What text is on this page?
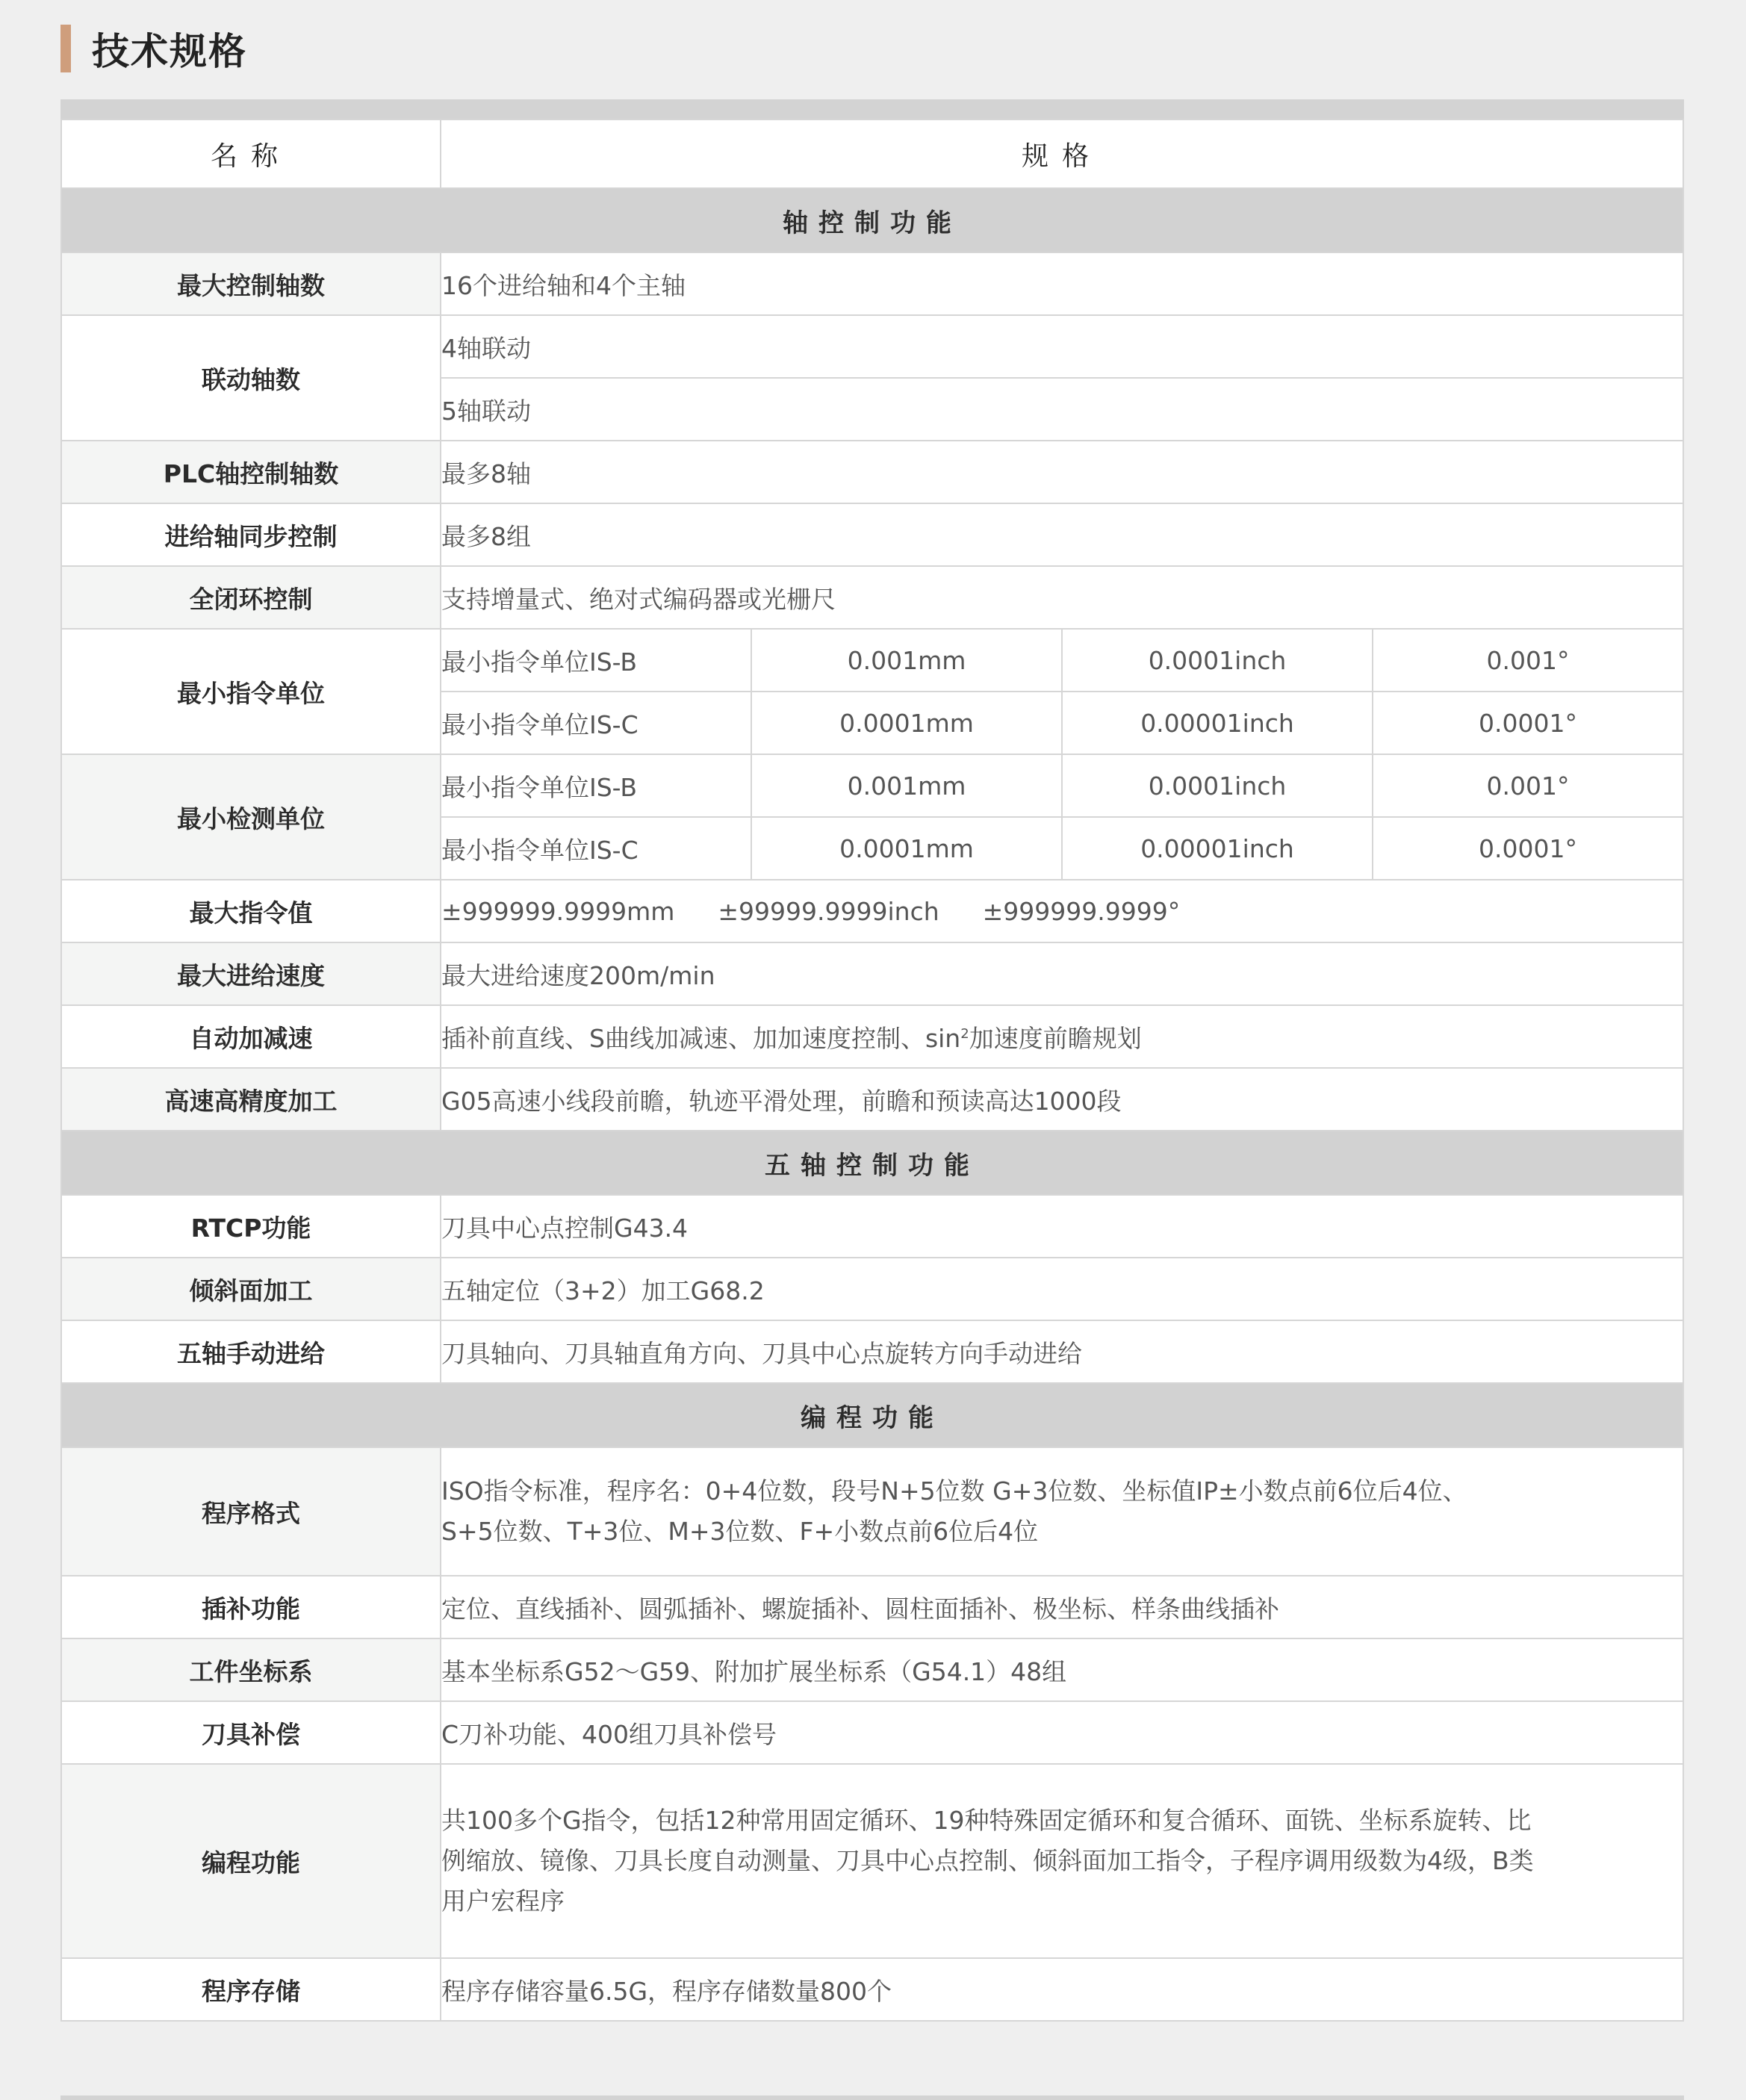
技术规格
名称	规格			
轴控制功能				
最大控制轴数	16个进给轴和4个主轴			
联动轴数	4轴联动			
	5轴联动			
PLC轴控制轴数	最多8轴			
进给轴同步控制	最多8组			
全闭环控制	支持增量式、绝对式编码器或光栅尺			
最小指令单位	最小指令单位IS-B	0.001mm	0.0001inch	0.001°
	最小指令单位IS-C	0.0001mm	0.00001inch	0.0001°
最小检测单位	最小指令单位IS-B	0.001mm	0.0001inch	0.001°
	最小指令单位IS-C	0.0001mm	0.00001inch	0.0001°
最大指令值	±999999.9999mm ±99999.9999inch ±999999.9999°			
最大进给速度	最大进给速度200m/min			
自动加减速	插补前直线、S曲线加减速、加加速度控制、$\sin^2$加速度前瞻规划			
高速高精度加工	G05高速小线段前瞻，轨迹平滑处理，前瞻和预读高达1000段			
五轴控制功能				
RTCP功能	刀具中心点控制G43.4			
倾斜面加工	五轴定位（3+2）加工G68.2			
五轴手动进给	刀具轴向、刀具轴直角方向、刀具中心点旋转方向手动进给			
编程功能				
程序格式	ISO指令标准，程序名：0+4位数，段号N+5位数 G+3位数、坐标值IP±小数点前6位后4位、
S+5位数、T+3位、M+3位数、F+小数点前6位后4位			

插补功能	定位、直线插补、圆弧插补、螺旋插补、圆柱面插补、极坐标、样条曲线插补			
工件坐标系	基本坐标系G52～G59、附加扩展坐标系（G54.1）48组			
刀具补偿	C刀补功能、400组刀具补偿号			
编程功能	共100多个G指令，包括12种常用固定循环、19种特殊固定循环和复合循环、面铣、坐标系旋转、比
例缩放、镜像、刀具长度自动测量、刀具中心点控制、倾斜面加工指令，子程序调用级数为4级，B类
用户宏程序			

程序存储	程序存储容量6.5G，程序存储数量800个			
